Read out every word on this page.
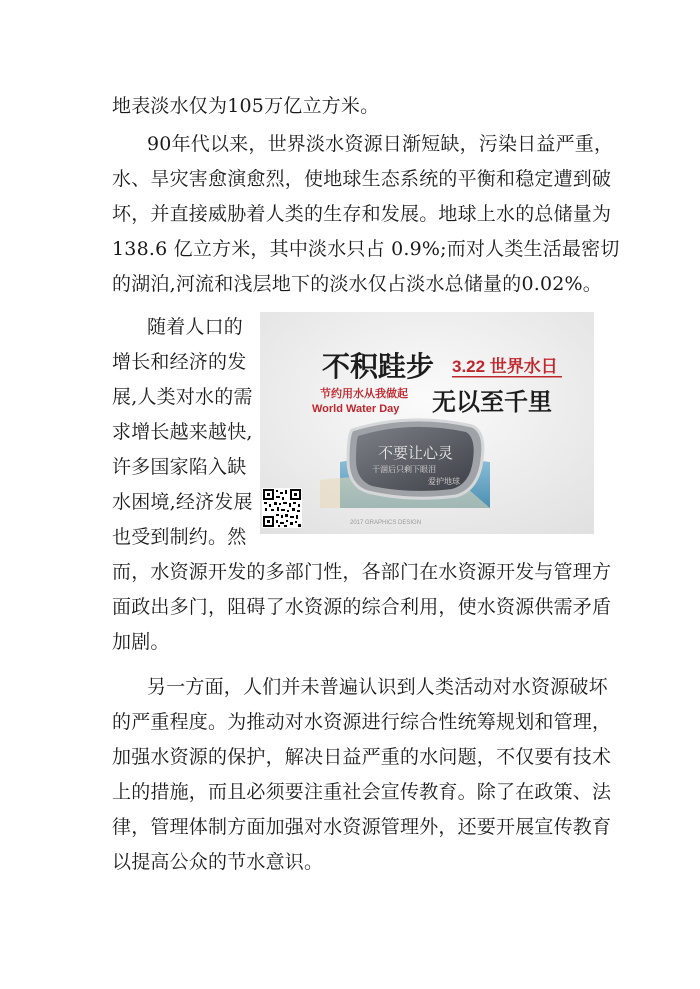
地表淡水仅为105万亿立方米。
90年代以来，世界淡水资源日渐短缺，污染日益严重，
水、旱灾害愈演愈烈，使地球生态系统的平衡和稳定遭到破
坏，并直接威胁着人类的生存和发展。地球上水的总储量为
138.6 亿立方米，其中淡水只占 0.9%;而对人类生活最密切
的湖泊,河流和浅层地下的淡水仅占淡水总储量的0.02%。
随着人口的
增长和经济的发
展,人类对水的需
求增长越来越快,
许多国家陷入缺
水困境,经济发展
也受到制约。然
而，水资源开发的多部门性，各部门在水资源开发与管理方
面政出多门，阻碍了水资源的综合利用，使水资源供需矛盾
加剧。
另一方面，人们并未普遍认识到人类活动对水资源破坏
的严重程度。为推动对水资源进行综合性统筹规划和管理，
加强水资源的保护，解决日益严重的水问题，不仅要有技术
上的措施，而且必须要注重社会宣传教育。除了在政策、法
律，管理体制方面加强对水资源管理外，还要开展宣传教育
以提高公众的节水意识。
不积跬步 3.22 世界水日
节约用水从我做起
World Water Day 无以至千里
不要让心灵
干涸后只剩下眼泪
爱护地球
2017 GRAPHICS DESIGN
